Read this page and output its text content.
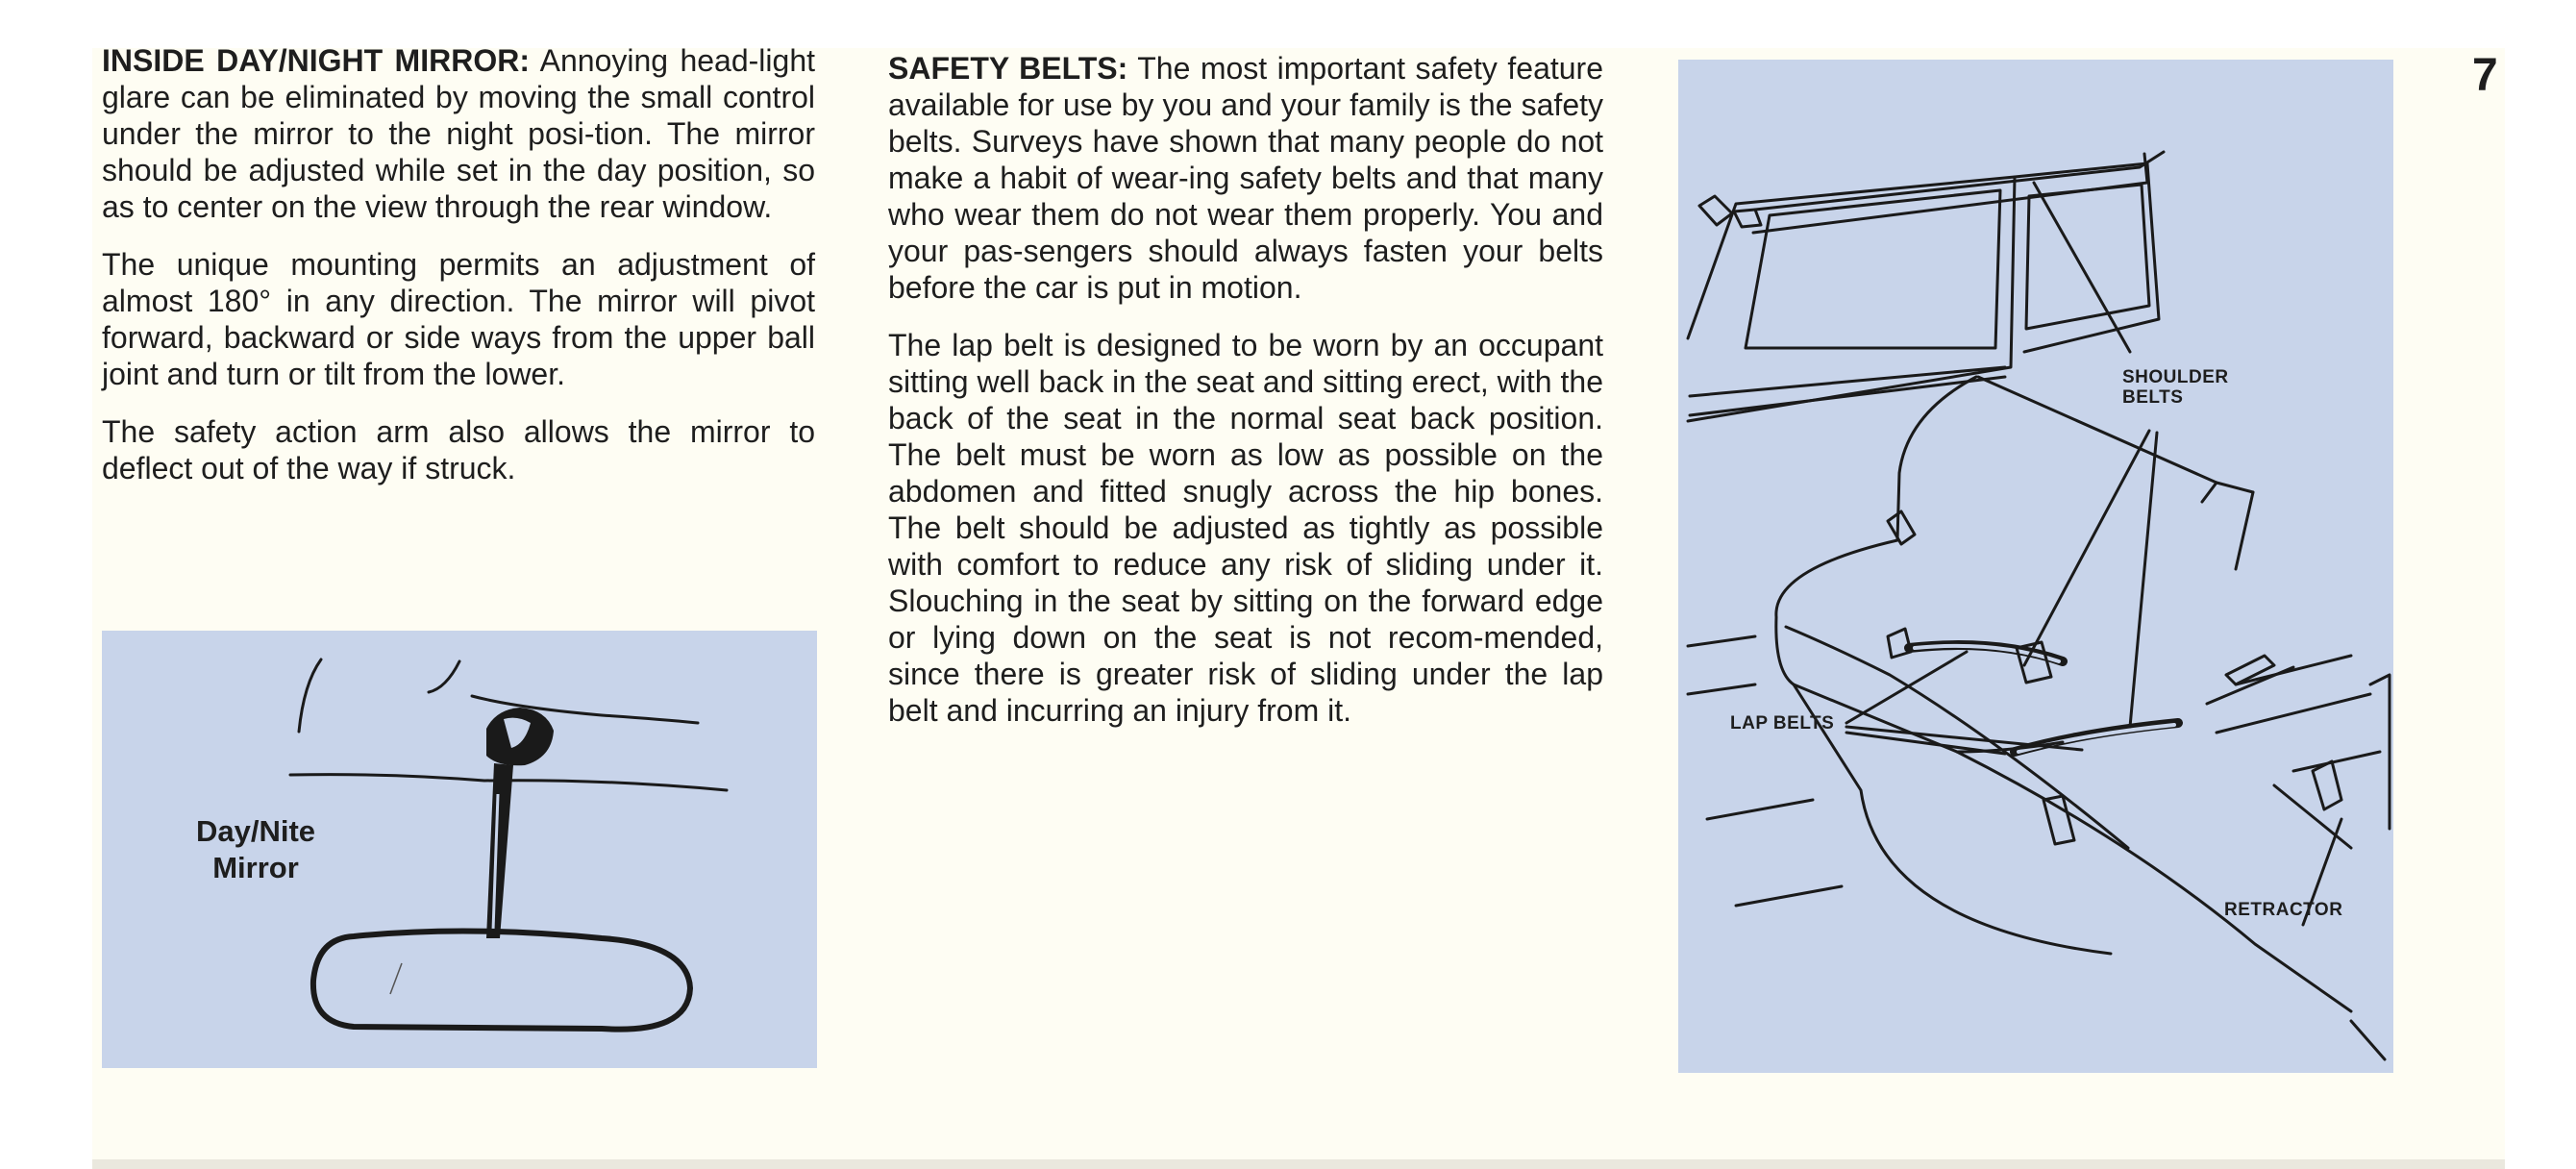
7

INSIDE DAY/NIGHT MIRROR: Annoying head-light glare can be eliminated by moving the small control under the mirror to the night posi-tion. The mirror should be adjusted while set in the day position, so as to center on the view through the rear window.

The unique mounting permits an adjustment of almost 180° in any direction. The mirror will pivot forward, backward or side ways from the upper ball joint and turn or tilt from the lower.

The safety action arm also allows the mirror to deflect out of the way if struck.

SAFETY BELTS: The most important safety feature available for use by you and your family is the safety belts. Surveys have shown that many people do not make a habit of wear-ing safety belts and that many who wear them do not wear them properly. You and your pas-sengers should always fasten your belts before the car is put in motion.

The lap belt is designed to be worn by an occupant sitting well back in the seat and sitting erect, with the back of the seat in the normal seat back position. The belt must be worn as low as possible on the abdomen and fitted snugly across the hip bones. The belt should be adjusted as tightly as possible with comfort to reduce any risk of sliding under it. Slouching in the seat by sitting on the forward edge or lying down on the seat is not recom-mended, since there is greater risk of sliding under the lap belt and incurring an injury from it.

Day/Nite
Mirror
SHOULDER
BELTS
LAP BELTS
RETRACTOR
